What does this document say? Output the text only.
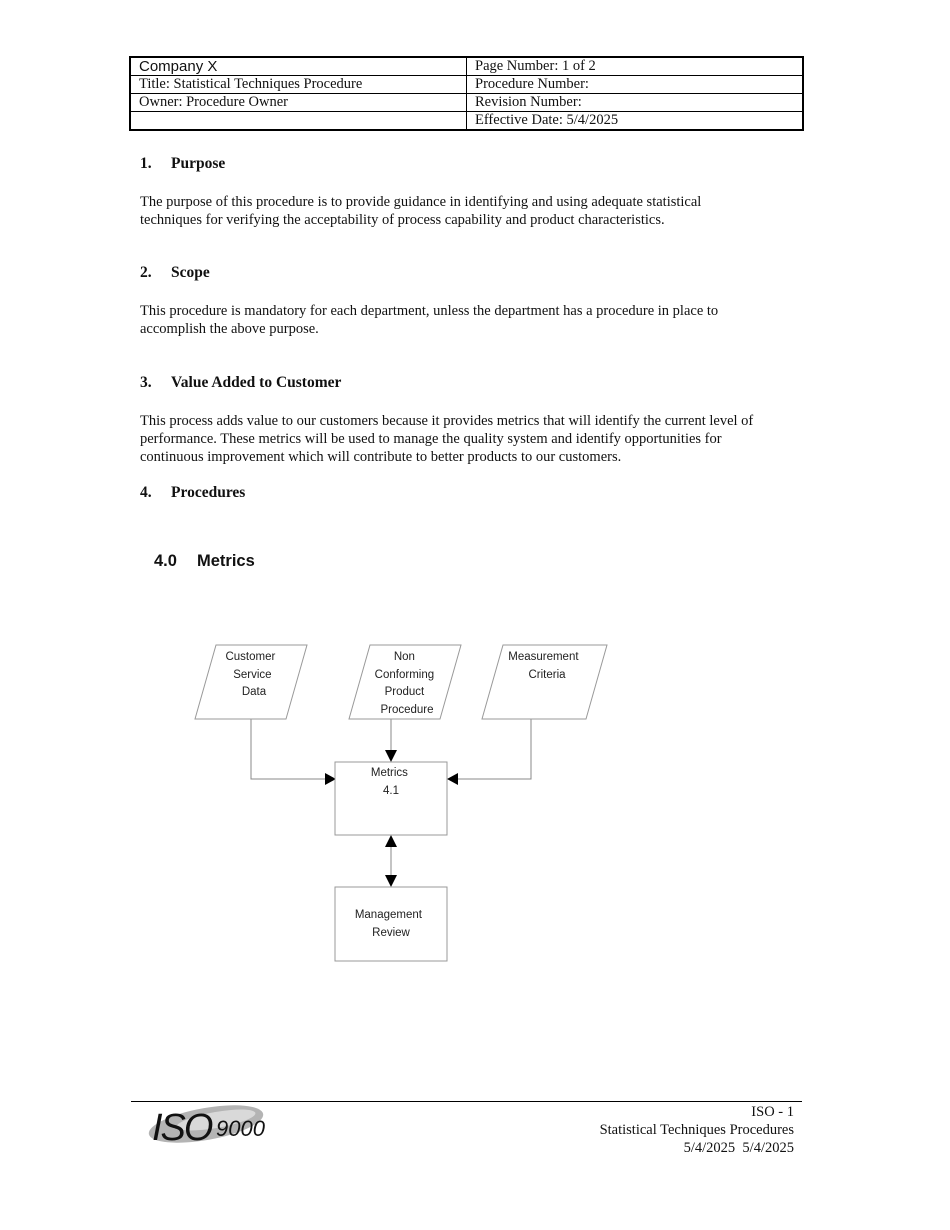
Company X	Page Number: 1 of 2
Title: Statistical Techniques Procedure	Procedure Number:
Owner: Procedure Owner	Revision Number:
	Effective Date: 5/4/2025
1. Purpose
The purpose of this procedure is to provide guidance in identifying and using adequate statistical
techniques for verifying the acceptability of process capability and product characteristics.
2. Scope
This procedure is mandatory for each department, unless the department has a procedure in place to
accomplish the above purpose.
3. Value Added to Customer
This process adds value to our customers because it provides metrics that will identify the current level of
performance. These metrics will be used to manage the quality system and identify opportunities for
continuous improvement which will contribute to better products to our customers.
4. Procedures
4.0 Metrics
Customer Service Data
Non Conforming Product Procedure
Measurement Criteria
Metrics 4.1
Management Review
ISO 9000
ISO - 1
Statistical Techniques Procedures
5/4/2025  5/4/2025
